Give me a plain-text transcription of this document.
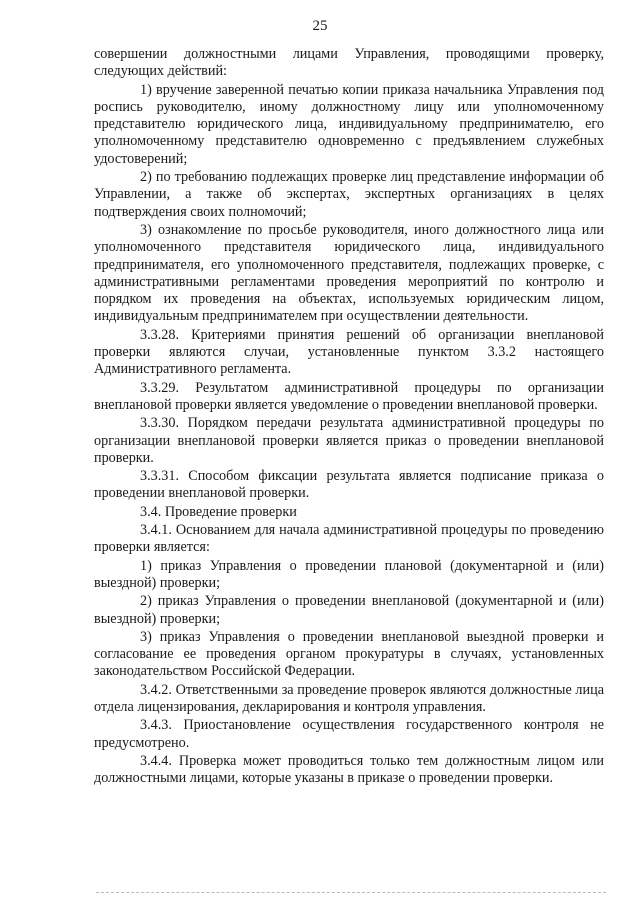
25

совершении должностными лицами Управления, проводящими проверку, следующих действий:

1) вручение заверенной печатью копии приказа начальника Управления под роспись руководителю, иному должностному лицу или уполномоченному представителю юридического лица, индивидуальному предпринимателю, его уполномоченному представителю одновременно с предъявлением служебных удостоверений;

2) по требованию подлежащих проверке лиц представление информации об Управлении, а также об экспертах, экспертных организациях в целях подтверждения своих полномочий;

3) ознакомление по просьбе руководителя, иного должностного лица или уполномоченного представителя юридического лица, индивидуального предпринимателя, его уполномоченного представителя, подлежащих проверке, с административными регламентами проведения мероприятий по контролю и порядком их проведения на объектах, используемых юридическим лицом, индивидуальным предпринимателем при осуществлении деятельности.

3.3.28. Критериями принятия решений об организации внеплановой проверки являются случаи, установленные пунктом 3.3.2 настоящего Административного регламента.

3.3.29. Результатом административной процедуры по организации внеплановой проверки является уведомление о проведении внеплановой проверки.

3.3.30. Порядком передачи результата административной процедуры по организации внеплановой проверки является приказ о проведении внеплановой проверки.

3.3.31. Способом фиксации результата является подписание приказа о проведении внеплановой проверки.

3.4. Проведение проверки

3.4.1. Основанием для начала административной процедуры по проведению проверки является:

1) приказ Управления о проведении плановой (документарной и (или) выездной) проверки;

2) приказ Управления о проведении внеплановой (документарной и (или) выездной) проверки;

3) приказ Управления о проведении внеплановой выездной проверки и согласование ее проведения органом прокуратуры в случаях, установленных законодательством Российской Федерации.

3.4.2. Ответственными за проведение проверок являются должностные лица отдела лицензирования, декларирования и контроля управления.

3.4.3. Приостановление осуществления государственного контроля не предусмотрено.

3.4.4. Проверка может проводиться только тем должностным лицом или должностными лицами, которые указаны в приказе о проведении проверки.
